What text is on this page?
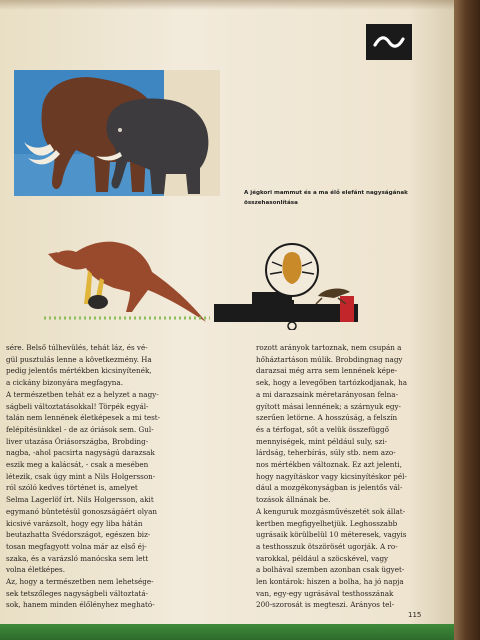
A jégkori mammut és a ma élő elefánt nagyságának összehasonlítása

sére. Belső túlhevülés, tehát láz, és vé-
gül pusztulás lenne a következmény. Ha
pedig jelentős mértékben kicsinyítenék,
a cickány bizonyára megfagyna.
A természetben tehát ez a helyzet a nagy-
ságbeli változtatásokkal! Törpék egyál-
talán nem lennének életképesek a mi test-
felépítésünkkel - de az óriások sem. Gul-
liver utazása Óriásországba, Brobding-
nagba, -ahol pacsirta nagyságú darazsak
eszik meg a kalácsát, - csak a mesében
létezik, csak úgy mint a Nils Holgersson-
ról szóló kedves történet is, amelyet
Selma Lagerlöf írt. Nils Holgersson, akit
egymanó büntetésül gonoszságáért olyan
kicsivé varázsolt, hogy egy liba hátán
beutazhatta Svédországot, egészen biz-
tosan megfagyott volna már az első éj-
szaka, és a varázsló manócska sem lett
volna életképes.
Az, hogy a természetben nem lehetsége-
sek tetszőleges nagyságbeli változtatá-
sok, hanem minden élőlényhez megható-

rozott arányok tartoznak, nem csupán a
hőháztartáson múlik. Brobdingnag nagy
darazsai még arra sem lennének képe-
sek, hogy a levegőben tartózkodjanak, ha
a mi darazsaink méretarányosan felna-
gyított másai lennének; a szárnyuk egy-
szerűen letörne. A hosszúság, a felszín
és a térfogat, sőt a velük összefüggő
mennyiségek, mint például suly, szi-
lárdság, teherbírás, súly stb. nem azo-
nos mértékben változnak. Ez azt jelenti,
hogy nagyításkor vagy kicsinyítéskor pél-
dául a mozgékonyságban is jelentős vál-
tozások állnának be.
A kenguruk mozgásművészetét sok állat-
kertben megfigyelhetjük. Leghosszabb
ugrásaik körülbelül 10 méteresek, vagyis
a testhosszuk ötszörösét ugorják. A ro-
varokkal, például a szöcskével, vagy
a bolhával szemben azonban csak ügyet-
len kontárok: hiszen a bolha, ha jó napja
van, egy-egy ugrásával testhosszának
200-szorosát is megteszi. Arányos tel-

115
